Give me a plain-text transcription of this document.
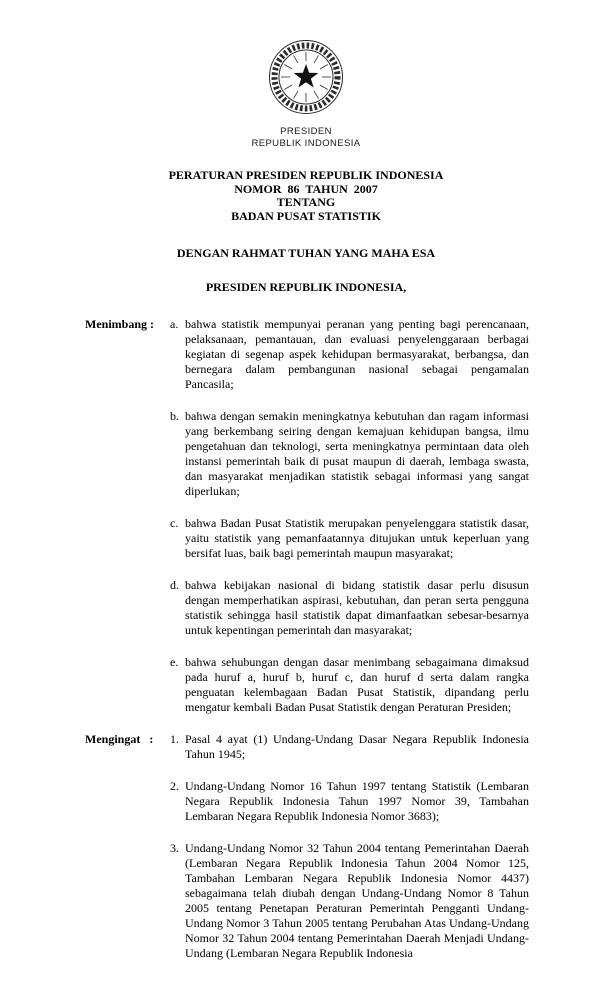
PRESIDEN
REPUBLIK INDONESIA
PERATURAN PRESIDEN REPUBLIK INDONESIA
NOMOR  86  TAHUN  2007
TENTANG
BADAN PUSAT STATISTIK
DENGAN RAHMAT TUHAN YANG MAHA ESA
PRESIDEN REPUBLIK INDONESIA,
Menimbang :	a. bahwa statistik mempunyai peranan yang penting bagi perencanaan, pelaksanaan, pemantauan, dan evaluasi penyelenggaraan berbagai kegiatan di segenap aspek kehidupan bermasyarakat, berbangsa, dan bernegara dalam pembangunan nasional sebagai pengamalan Pancasila;
b. bahwa dengan semakin meningkatnya kebutuhan dan ragam informasi yang berkembang seiring dengan kemajuan kehidupan bangsa, ilmu pengetahuan dan teknologi, serta meningkatnya permintaan data oleh instansi pemerintah baik di pusat maupun di daerah, lembaga swasta, dan masyarakat menjadikan statistik sebagai informasi yang sangat diperlukan;
c. bahwa Badan Pusat Statistik merupakan penyelenggara statistik dasar, yaitu statistik yang pemanfaatannya ditujukan untuk keperluan yang bersifat luas, baik bagi pemerintah maupun masyarakat;
d. bahwa kebijakan nasional di bidang statistik dasar perlu disusun dengan memperhatikan aspirasi, kebutuhan, dan peran serta pengguna statistik sehingga hasil statistik dapat dimanfaatkan sebesar-besarnya untuk kepentingan pemerintah dan masyarakat;
e. bahwa sehubungan dengan dasar menimbang sebagaimana dimaksud pada huruf a, huruf b, huruf c, dan huruf d serta dalam rangka penguatan kelembagaan Badan Pusat Statistik, dipandang perlu mengatur kembali Badan Pusat Statistik dengan Peraturan Presiden;
Mengingat   :	1. Pasal 4 ayat (1) Undang-Undang Dasar Negara Republik Indonesia Tahun 1945;
2. Undang-Undang Nomor 16 Tahun 1997 tentang Statistik (Lembaran Negara Republik Indonesia Tahun 1997 Nomor 39, Tambahan Lembaran Negara Republik Indonesia Nomor 3683);
3. Undang-Undang Nomor 32 Tahun 2004 tentang Pemerintahan Daerah (Lembaran Negara Republik Indonesia Tahun 2004 Nomor 125, Tambahan Lembaran Negara Republik Indonesia Nomor 4437) sebagaimana telah diubah dengan Undang-Undang Nomor 8 Tahun 2005 tentang Penetapan Peraturan Pemerintah Pengganti Undang-Undang Nomor 3 Tahun 2005 tentang Perubahan Atas Undang-Undang Nomor 32 Tahun 2004 tentang Pemerintahan Daerah Menjadi Undang-Undang (Lembaran Negara Republik Indonesia
